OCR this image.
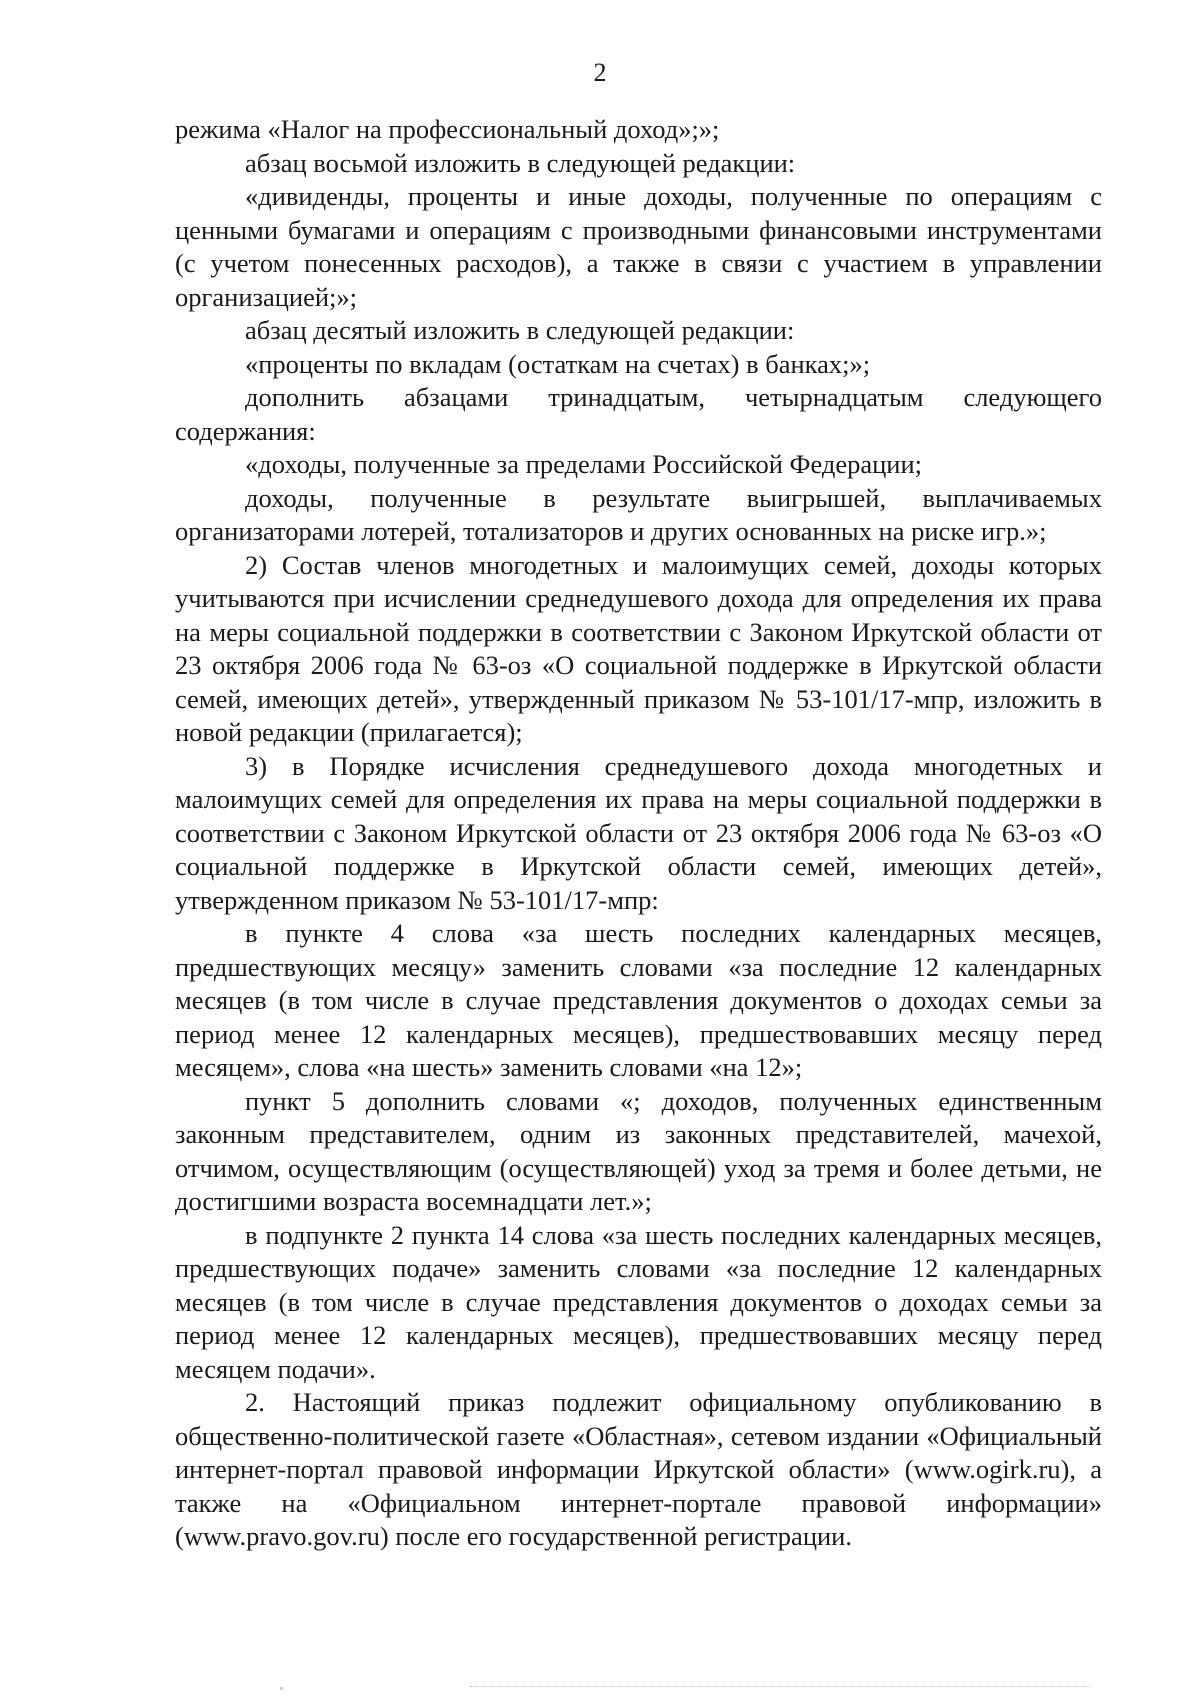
2

режима «Налог на профессиональный доход»;»;

абзац восьмой изложить в следующей редакции:

«дивиденды, проценты и иные доходы, полученные по операциям с ценными бумагами и операциям с производными финансовыми инструментами (с учетом понесенных расходов), а также в связи с участием в управлении организацией;»;

абзац десятый изложить в следующей редакции:

«проценты по вкладам (остаткам на счетах) в банках;»;

дополнить абзацами тринадцатым, четырнадцатым следующего содержания:

«доходы, полученные за пределами Российской Федерации;

доходы, полученные в результате выигрышей, выплачиваемых организаторами лотерей, тотализаторов и других основанных на риске игр.»;

2) Состав членов многодетных и малоимущих семей, доходы которых учитываются при исчислении среднедушевого дохода для определения их права на меры социальной поддержки в соответствии с Законом Иркутской области от 23 октября 2006 года № 63-оз «О социальной поддержке в Иркутской области семей, имеющих детей», утвержденный приказом № 53-101/17-мпр, изложить в новой редакции (прилагается);

3) в Порядке исчисления среднедушевого дохода многодетных и малоимущих семей для определения их права на меры социальной поддержки в соответствии с Законом Иркутской области от 23 октября 2006 года № 63-оз «О социальной поддержке в Иркутской области семей, имеющих детей», утвержденном приказом № 53-101/17-мпр:

в пункте 4 слова «за шесть последних календарных месяцев, предшествующих месяцу» заменить словами «за последние 12 календарных месяцев (в том числе в случае представления документов о доходах семьи за период менее 12 календарных месяцев), предшествовавших месяцу перед месяцем», слова «на шесть» заменить словами «на 12»;

пункт 5 дополнить словами «; доходов, полученных единственным законным представителем, одним из законных представителей, мачехой, отчимом, осуществляющим (осуществляющей) уход за тремя и более детьми, не достигшими возраста восемнадцати лет.»;

в подпункте 2 пункта 14 слова «за шесть последних календарных месяцев, предшествующих подаче» заменить словами «за последние 12 календарных месяцев (в том числе в случае представления документов о доходах семьи за период менее 12 календарных месяцев), предшествовавших месяцу перед месяцем подачи».

2. Настоящий приказ подлежит официальному опубликованию в общественно-политической газете «Областная», сетевом издании «Официальный интернет-портал правовой информации Иркутской области» (www.ogirk.ru), а также на «Официальном интернет-портале правовой информации» (www.pravo.gov.ru) после его государственной регистрации.
